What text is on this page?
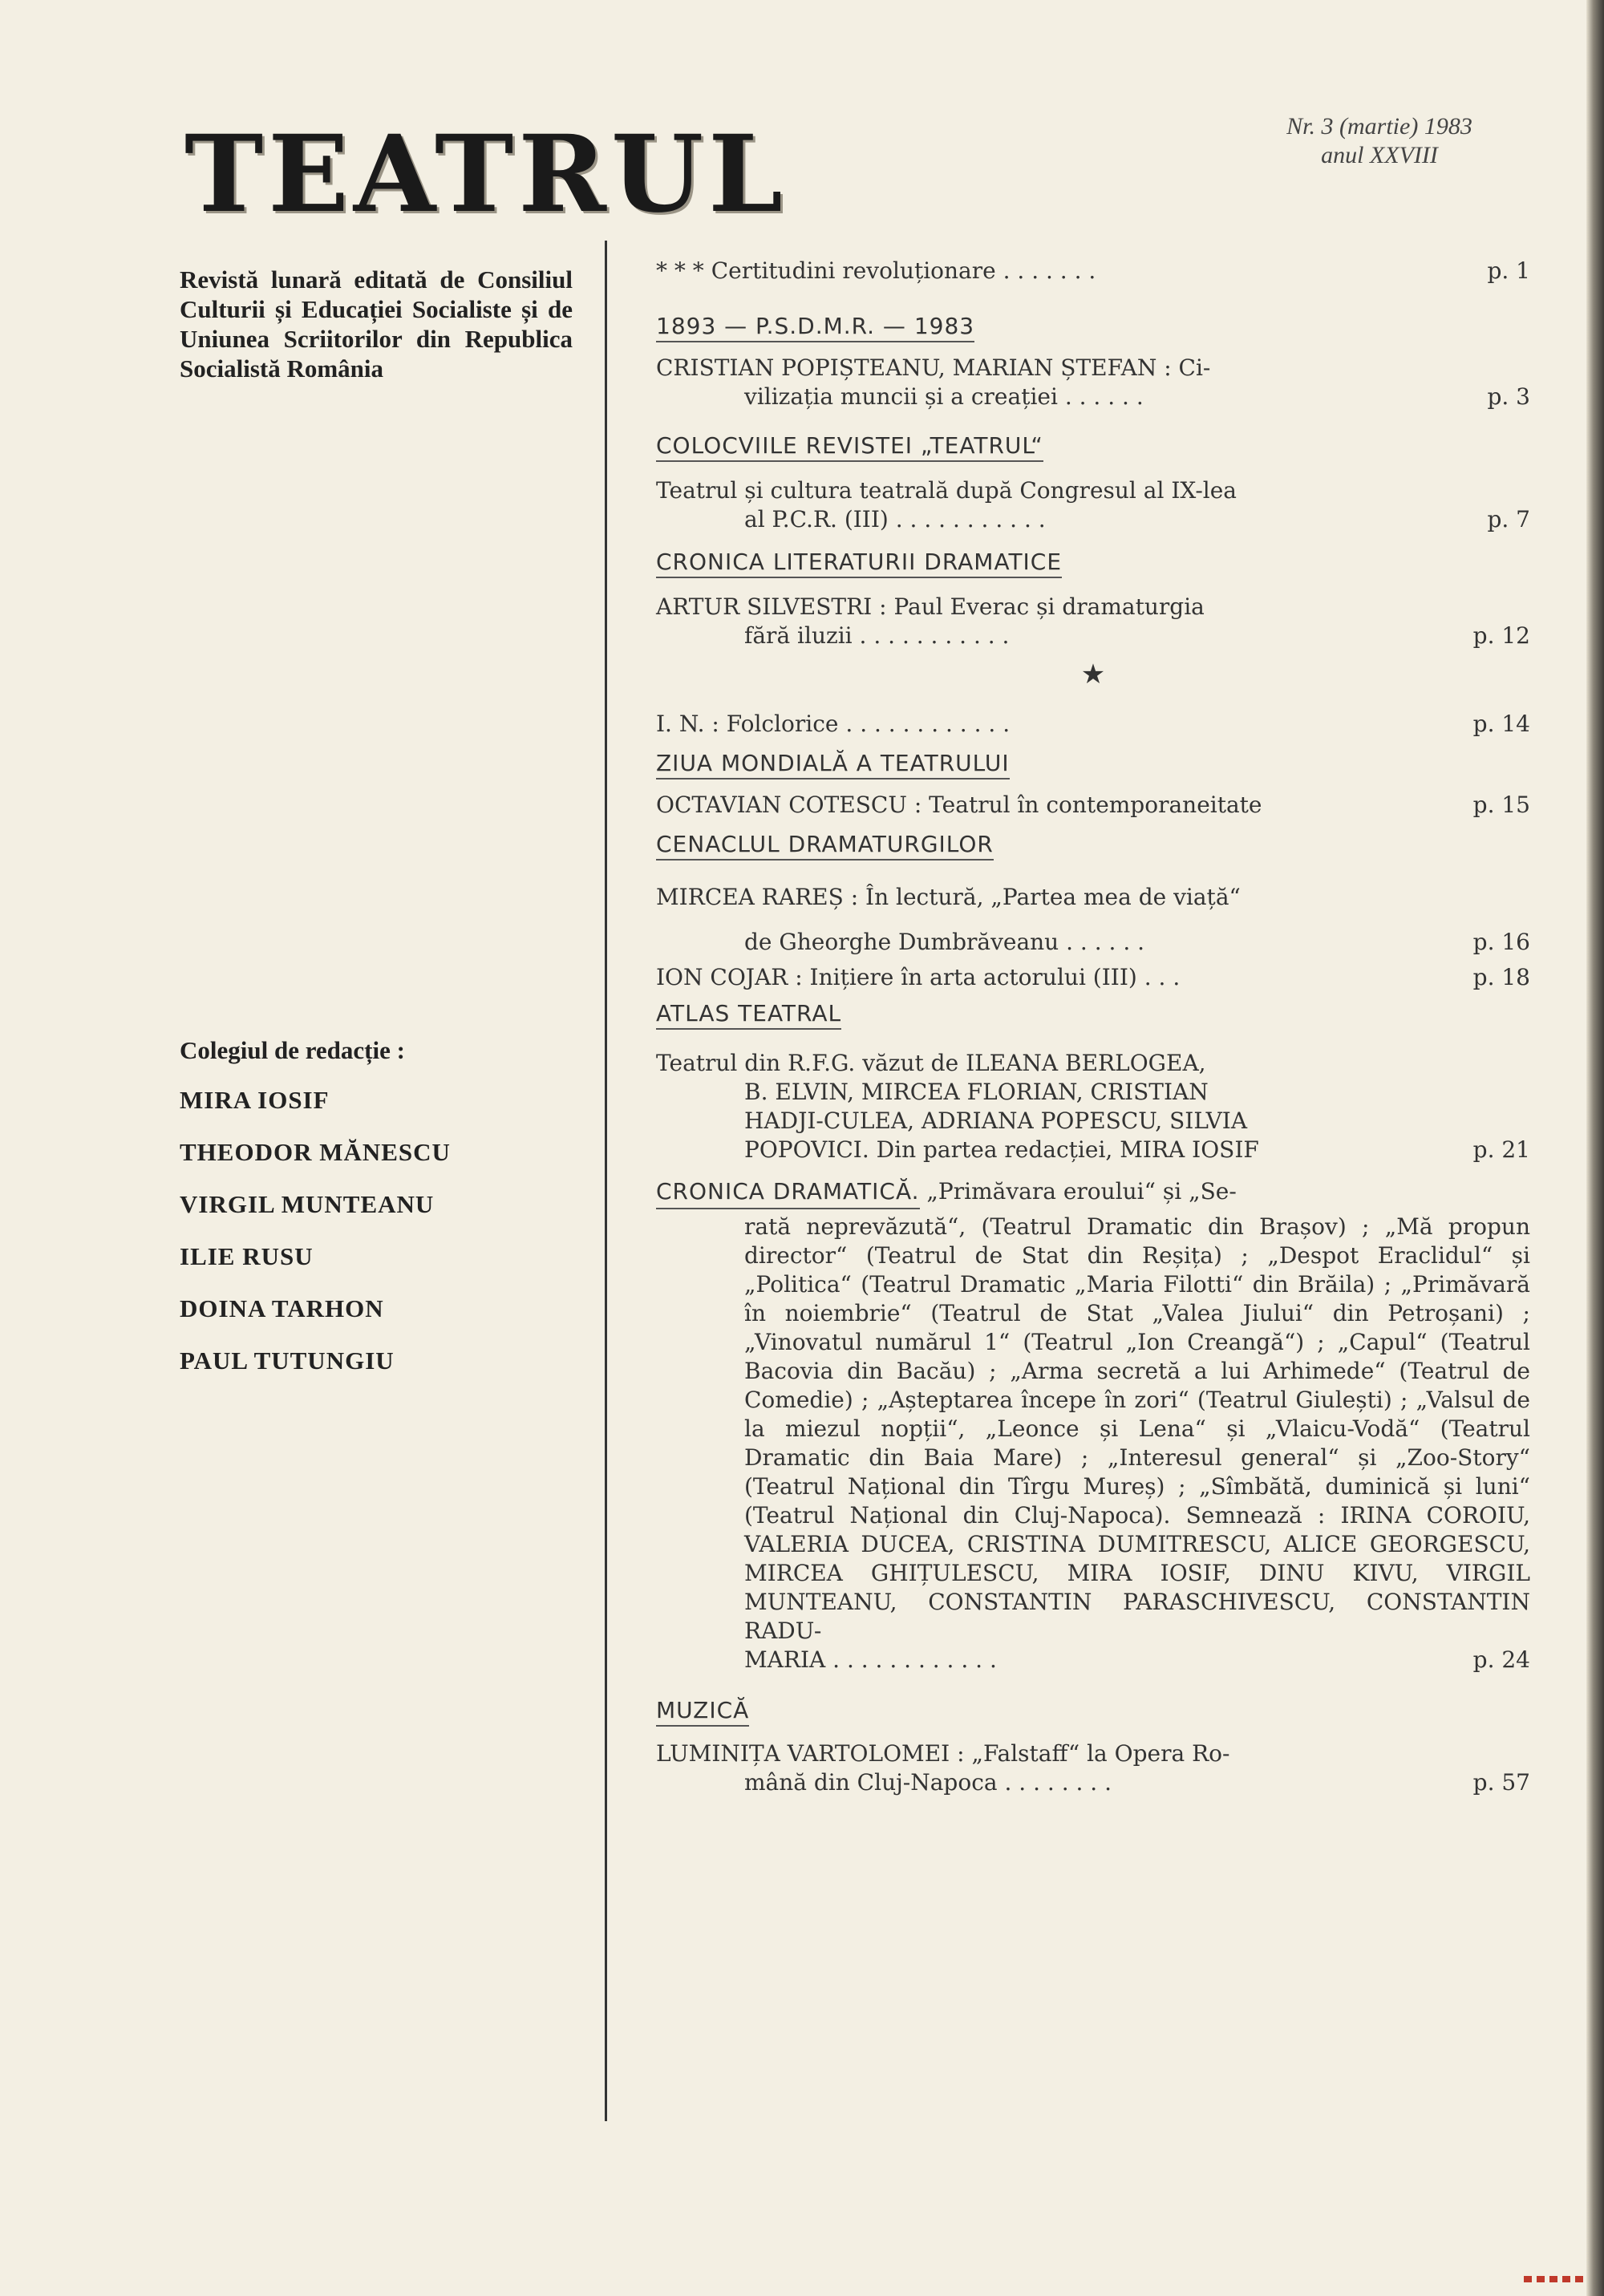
TEATRUL	Nr. 3 (martie) 1983
anul XXVIII
Revistă lunară editată de Consiliul Culturii și Educației Socialiste și de Uniunea Scriitorilor din Republica Socialistă România
Colegiul de redacție :
MIRA IOSIF
THEODOR MĂNESCU
VIRGIL MUNTEANU
ILIE RUSU
DOINA TARHON
PAUL TUTUNGIU
* * * Certitudini revoluționare . . . . . . .	p. 1
1893 — P.S.D.M.R. — 1983
CRISTIAN POPIȘTEANU, MARIAN ȘTEFAN : Ci-
vilizația muncii și a creației . . . . . .	p. 3
COLOCVIILE REVISTEI „TEATRUL“
Teatrul și cultura teatrală după Congresul al IX-lea
al P.C.R. (III) . . . . . . . . . . .	p. 7
CRONICA LITERATURII DRAMATICE
ARTUR SILVESTRI : Paul Everac și dramaturgia
fără iluzii . . . . . . . . . . .	p. 12
★
I. N. : Folclorice . . . . . . . . . . . .	p. 14
ZIUA MONDIALĂ A TEATRULUI
OCTAVIAN COTESCU : Teatrul în contemporaneitate	p. 15
CENACLUL DRAMATURGILOR
MIRCEA RAREȘ : În lectură, „Partea mea de viață“
de Gheorghe Dumbrăveanu . . . . . .	p. 16
ION COJAR : Inițiere în arta actorului (III) . . .	p. 18
ATLAS TEATRAL
Teatrul din R.F.G. văzut de ILEANA BERLOGEA,
B. ELVIN, MIRCEA FLORIAN, CRISTIAN
HADJI-CULEA, ADRIANA POPESCU, SILVIA
POPOVICI. Din partea redacției, MIRA IOSIF	p. 21
CRONICA DRAMATICĂ. „Primăvara eroului“ și „Se-
rată neprevăzută“, (Teatrul Dramatic din Brașov) ; „Mă propun director“ (Teatrul de Stat din Reșița) ; „Despot Eraclidul“ și „Politica“ (Teatrul Dramatic „Maria Filotti“ din Brăila) ; „Primăvară în noiembrie“ (Teatrul de Stat „Valea Jiului“ din Petroșani) ; „Vinovatul numărul 1“ (Teatrul „Ion Creangă“) ; „Capul“ (Teatrul Bacovia din Bacău) ; „Arma secretă a lui Arhimede“ (Teatrul de Comedie) ; „Așteptarea începe în zori“ (Teatrul Giulești) ; „Valsul de la miezul nopții“, „Leonce și Lena“ și „Vlaicu-Vodă“ (Teatrul Dramatic din Baia Mare) ; „Interesul general“ și „Zoo-Story“ (Teatrul Național din Tîrgu Mureș) ; „Sîmbătă, duminică și luni“ (Teatrul Național din Cluj-Napoca). Semnează : IRINA COROIU, VALERIA DUCEA, CRISTINA DUMITRESCU, ALICE GEORGESCU, MIRCEA GHIȚULESCU, MIRA IOSIF, DINU KIVU, VIRGIL MUNTEANU, CONSTANTIN PARASCHIVESCU, CONSTANTIN RADU-
MARIA . . . . . . . . . . . .	p. 24
MUZICĂ
LUMINIȚA VARTOLOMEI : „Falstaff“ la Opera Ro-
mână din Cluj-Napoca . . . . . . . .	p. 57
